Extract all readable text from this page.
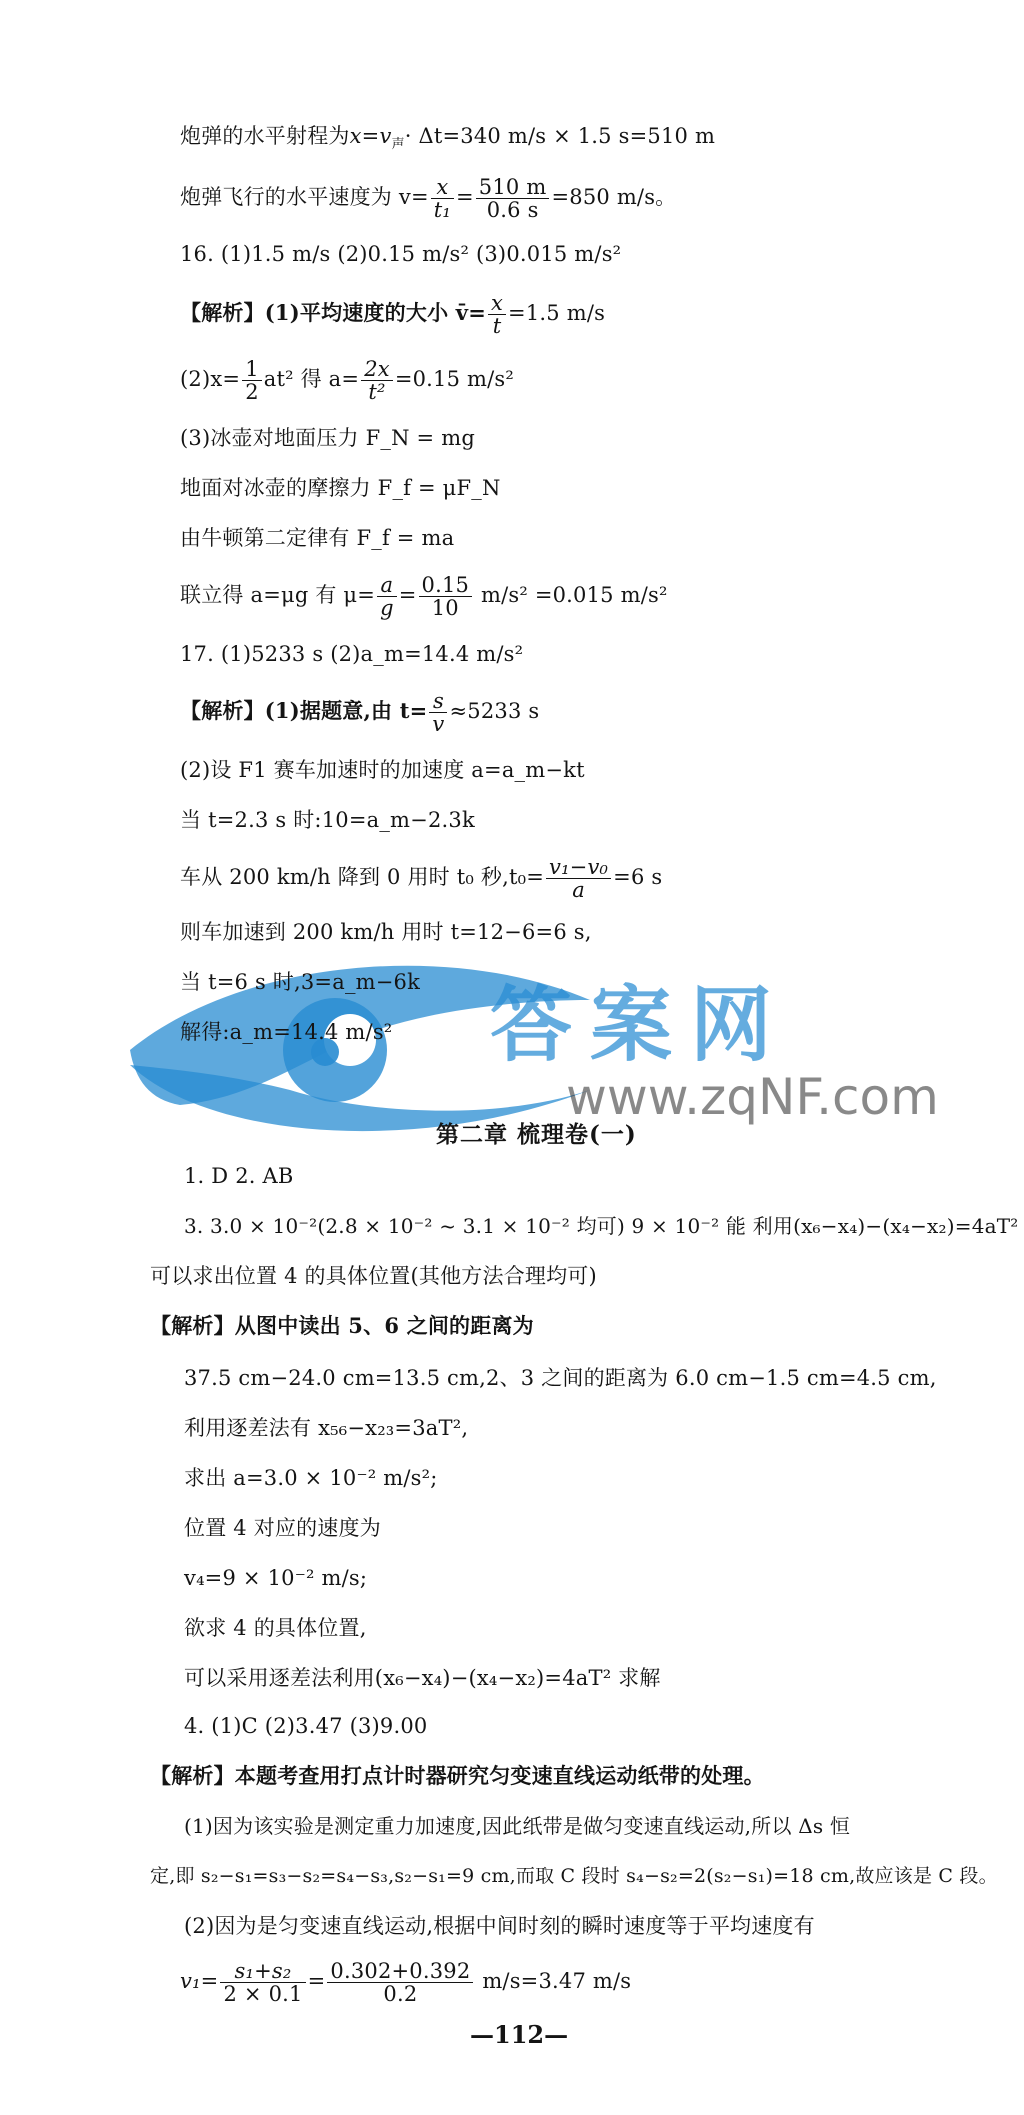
答案网
www.zqNF.com
炮弹的水平射程为$x=v_声\cdot \Delta t=340$ m/s × 1.5 s=510 m
炮弹飞行的水平速度为 $v= \frac{x}{\text{t₁}} = \frac{510 m}{0.6 s} =850$ m/s。
16. (1)1.5 m/s (2)0.15 m/s² (3)0.015 m/s²
【解析】(1)平均速度的大小 v̄= $\frac{x}{t} =1.5$ m/s
$(2)x= \frac{1}{2} at^2$ 得 $a= \frac{2x}{\text{t²}} =0.15$ m/s²
(3)冰壶对地面压力 F_N = mg
地面对冰壶的摩擦力 F_f = μF_N
由牛顿第二定律有 F_f = ma
联立得 a=μg 有 $\mu= \frac{a}{g} = \frac{0.15}{10} m/s^2 =0.015$ m/s²
17. (1)5233 s (2)a_m=14.4 m/s²
【解析】(1)据题意,由 $t= \frac{s}{v} \approx 5233$ s
(2)设 F1 赛车加速时的加速度 a=a_m−kt
当 t=2.3 s 时:10=a_m−2.3k
车从 200 km/h 降到 0 用时 t₀ 秒$,t_0= \frac{\text{v₁−v₀}}{a} =6$ s
则车加速到 200 km/h 用时 t=12−6=6 s,
当 t=6 s 时,3=a_m−6k
解得:a_m=14.4 m/s²
第二章 梳理卷(一)
1. D 2. AB
3. 3.0 × 10⁻²(2.8 × 10⁻² ~ 3.1 × 10⁻² 均可) 9 × 10⁻² 能 利用(x₆−x₄)−(x₄−x₂)=4aT²
可以求出位置 4 的具体位置(其他方法合理均可)
【解析】从图中读出 5、6 之间的距离为
37.5 cm−24.0 cm=13.5 cm,2、3 之间的距离为 6.0 cm−1.5 cm=4.5 cm,
利用逐差法有 x₅₆−x₂₃=3aT²,
求出 a=3.0 × 10⁻² m/s²;
位置 4 对应的速度为
v₄=9 × 10⁻² m/s;
欲求 4 的具体位置,
可以采用逐差法利用(x₆−x₄)−(x₄−x₂)=4aT² 求解
4. (1)C (2)3.47 (3)9.00
【解析】本题考查用打点计时器研究匀变速直线运动纸带的处理。
(1)因为该实验是测定重力加速度,因此纸带是做匀变速直线运动,所以 Δs 恒
定,即 s₂−s₁=s₃−s₂=s₄−s₃,s₂−s₁=9 cm,而取 C 段时 s₄−s₂=2(s₂−s₁)=18 cm,故应该是 C 段。
(2)因为是匀变速直线运动,根据中间时刻的瞬时速度等于平均速度有
$v_1= \frac{\text{s₁+s₂}}{2 \times 0.1} = \frac{0.302+0.392}{0.2} m/s=3.47$ m/s
—112—
